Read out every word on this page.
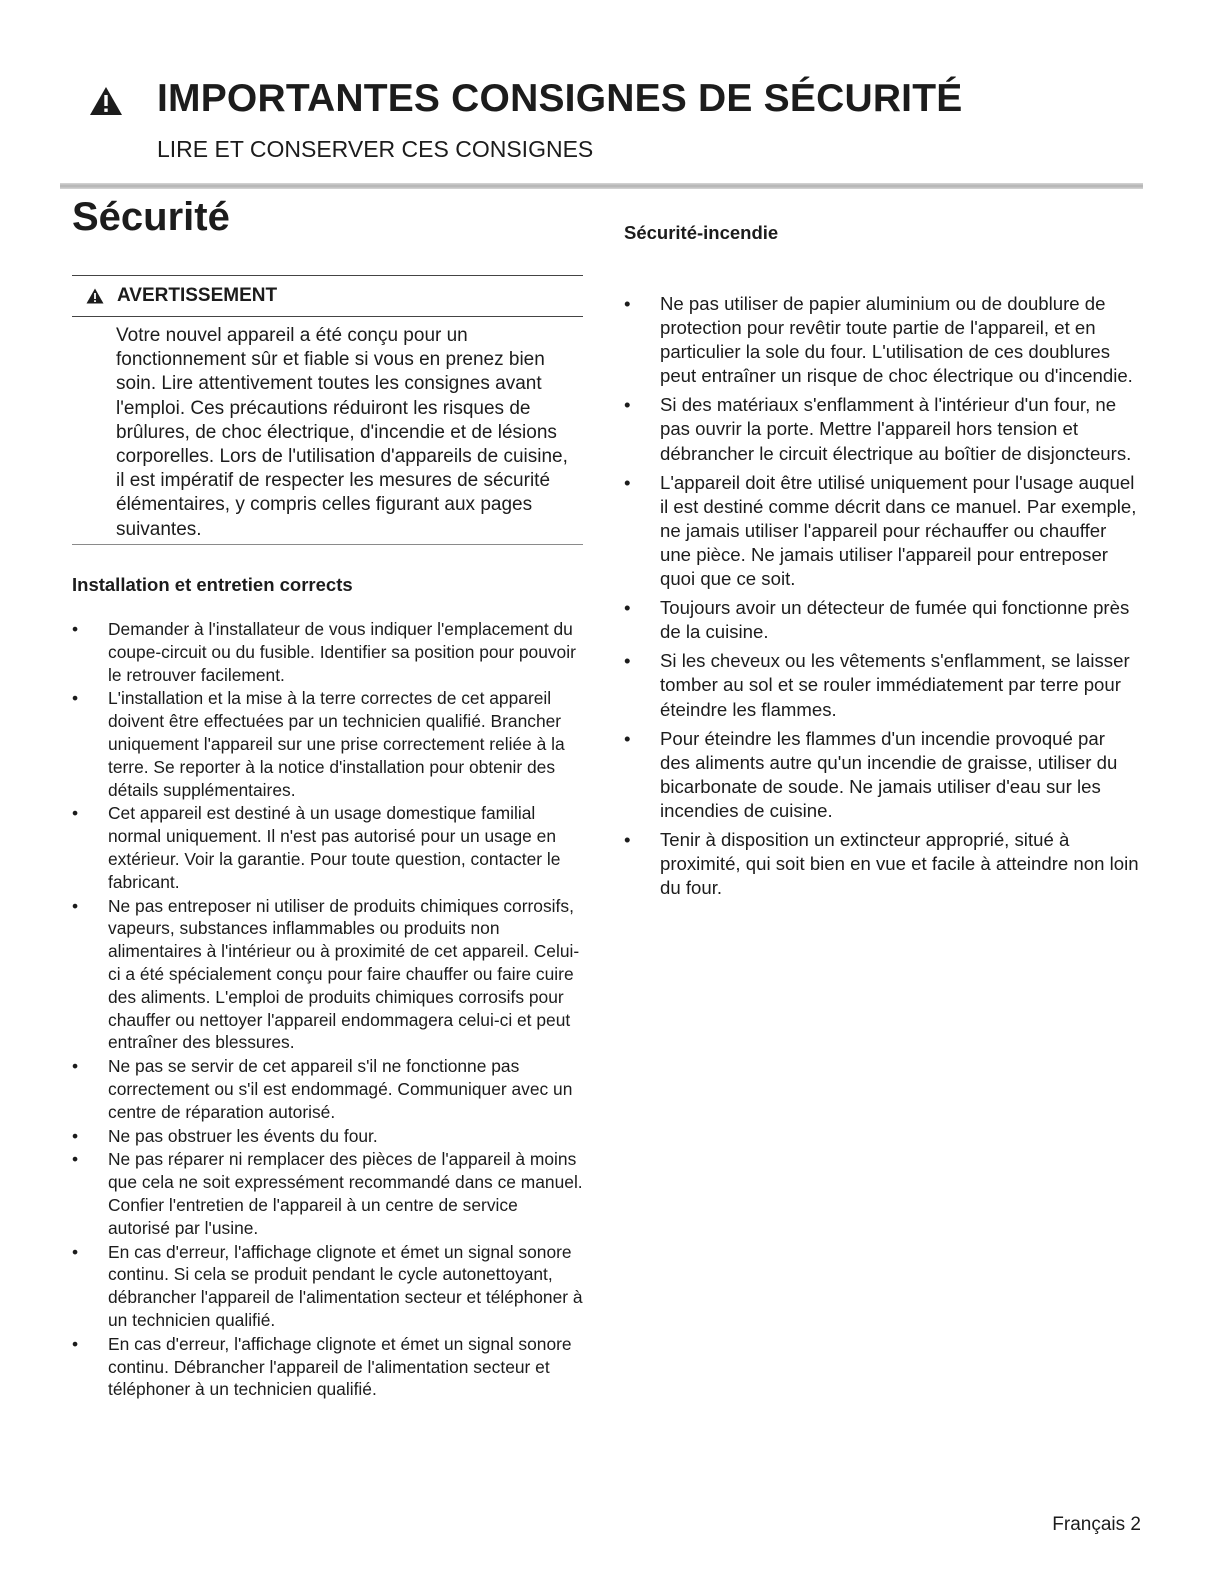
IMPORTANTES CONSIGNES DE SÉCURITÉ
LIRE ET CONSERVER CES CONSIGNES
Sécurité
AVERTISSEMENT

Votre nouvel appareil a été conçu pour un fonctionnement sûr et fiable si vous en prenez bien soin. Lire attentivement toutes les consignes avant l'emploi. Ces précautions réduiront les risques de brûlures, de choc électrique, d'incendie et de lésions corporelles. Lors de l'utilisation d'appareils de cuisine, il est impératif de respecter les mesures de sécurité élémentaires, y compris celles figurant aux pages suivantes.

Installation et entretien corrects
• Demander à l'installateur de vous indiquer l'emplacement du coupe-circuit ou du fusible. Identifier sa position pour pouvoir le retrouver facilement.
• L'installation et la mise à la terre correctes de cet appareil doivent être effectuées par un technicien qualifié. Brancher uniquement l'appareil sur une prise correctement reliée à la terre. Se reporter à la notice d'installation pour obtenir des détails supplémentaires.
• Cet appareil est destiné à un usage domestique familial normal uniquement. Il n'est pas autorisé pour un usage en extérieur. Voir la garantie. Pour toute question, contacter le fabricant.
• Ne pas entreposer ni utiliser de produits chimiques corrosifs, vapeurs, substances inflammables ou produits non alimentaires à l'intérieur ou à proximité de cet appareil. Celui-ci a été spécialement conçu pour faire chauffer ou faire cuire des aliments. L'emploi de produits chimiques corrosifs pour chauffer ou nettoyer l'appareil endommagera celui-ci et peut entraîner des blessures.
• Ne pas se servir de cet appareil s'il ne fonctionne pas correctement ou s'il est endommagé. Communiquer avec un centre de réparation autorisé.
• Ne pas obstruer les évents du four.
• Ne pas réparer ni remplacer des pièces de l'appareil à moins que cela ne soit expressément recommandé dans ce manuel. Confier l'entretien de l'appareil à un centre de service autorisé par l'usine.
• En cas d'erreur, l'affichage clignote et émet un signal sonore continu. Si cela se produit pendant le cycle autonettoyant, débrancher l'appareil de l'alimentation secteur et téléphoner à un technicien qualifié.
• En cas d'erreur, l'affichage clignote et émet un signal sonore continu. Débrancher l'appareil de l'alimentation secteur et téléphoner à un technicien qualifié.
Sécurité-incendie
• Ne pas utiliser de papier aluminium ou de doublure de protection pour revêtir toute partie de l'appareil, et en particulier la sole du four. L'utilisation de ces doublures peut entraîner un risque de choc électrique ou d'incendie.
• Si des matériaux s'enflamment à l'intérieur d'un four, ne pas ouvrir la porte. Mettre l'appareil hors tension et débrancher le circuit électrique au boîtier de disjoncteurs.
• L'appareil doit être utilisé uniquement pour l'usage auquel il est destiné comme décrit dans ce manuel. Par exemple, ne jamais utiliser l'appareil pour réchauffer ou chauffer une pièce. Ne jamais utiliser l'appareil pour entreposer quoi que ce soit.
• Toujours avoir un détecteur de fumée qui fonctionne près de la cuisine.
• Si les cheveux ou les vêtements s'enflamment, se laisser tomber au sol et se rouler immédiatement par terre pour éteindre les flammes.
• Pour éteindre les flammes d'un incendie provoqué par des aliments autre qu'un incendie de graisse, utiliser du bicarbonate de soude. Ne jamais utiliser d'eau sur les incendies de cuisine.
• Tenir à disposition un extincteur approprié, situé à proximité, qui soit bien en vue et facile à atteindre non loin du four.
Français 2
